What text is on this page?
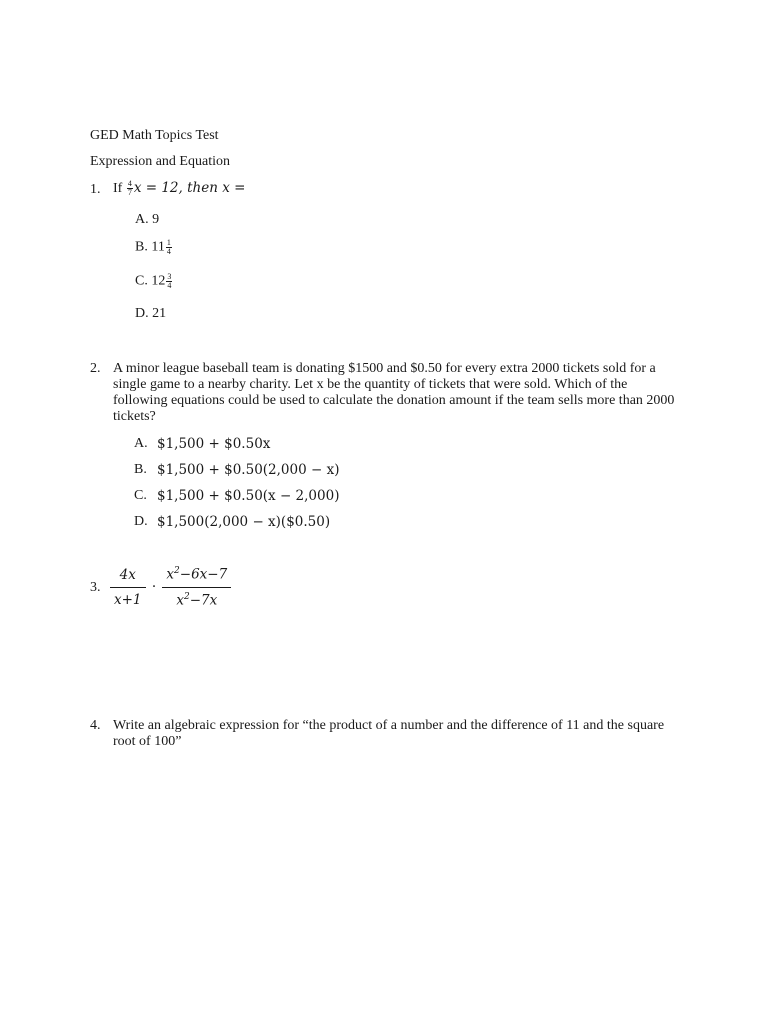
GED Math Topics Test
Expression and Equation
1. If $\frac{4}{7}$ x = 12, then x =
A. 9
B. $11 \frac{1}{4}$
C. $12 \frac{3}{4}$
D. 21
2. A minor league baseball team is donating $1500 and $0.50 for every extra 2000 tickets sold for a single game to a nearby charity. Let x be the quantity of tickets that were sold. Which of the following equations could be used to calculate the donation amount if the team sells more than 2000 tickets?
A. $1,500 + $0.50x
B. $1,500 + $0.50(2,000 − x)
C. $1,500 + $0.50(x − 2,000)
D. $1,500(2,000 − x)($0.50)
3. $\frac{4x}{x+1} \cdot \frac{x^2-6x-7}{x^2-7x}$
4. Write an algebraic expression for “the product of a number and the difference of 11 and the square root of 100”
